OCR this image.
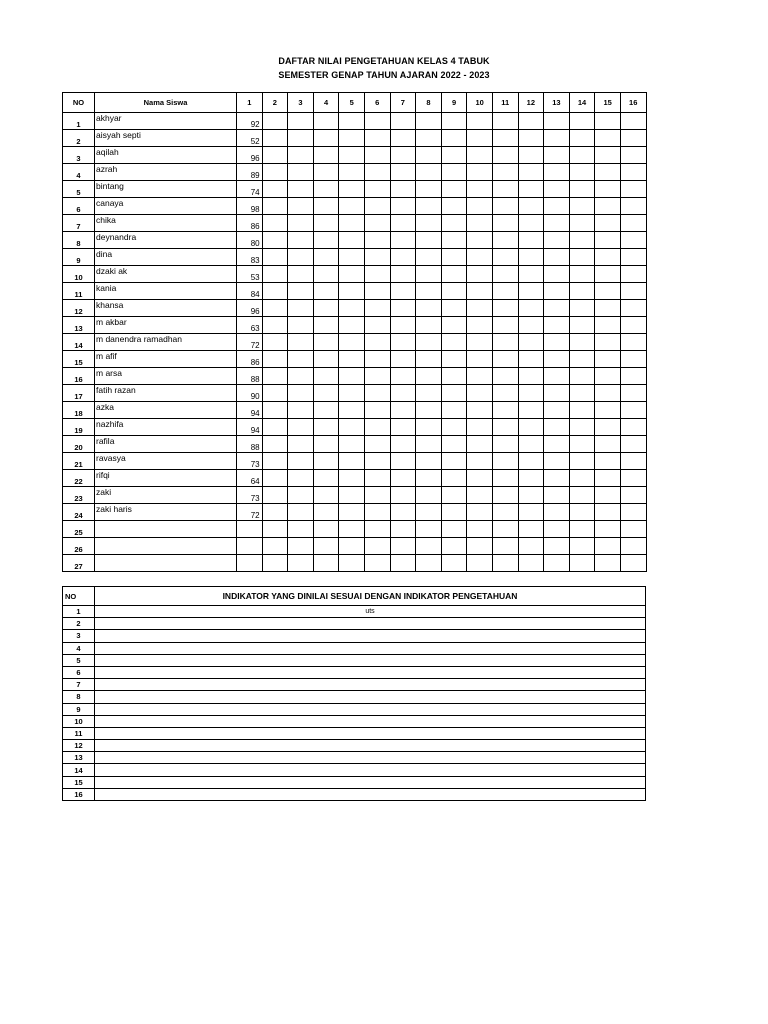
DAFTAR NILAI PENGETAHUAN KELAS 4 TABUK
SEMESTER GENAP TAHUN AJARAN 2022 - 2023
NO	Nama Siswa	1	2	3	4	5	6	7	8	9	10	11	12	13	14	15	16
1	akhyar	92															
2	aisyah septi	52															
3	aqilah	96															
4	azrah	89															
5	bintang	74															
6	canaya	98															
7	chika	86															
8	deynandra	80															
9	dina	83															
10	dzaki ak	53															
11	kania	84															
12	khansa	96															
13	m akbar	63															
14	m danendra ramadhan	72															
15	m afif	86															
16	m arsa	88															
17	fatih razan	90															
18	azka	94															
19	nazhifa	94															
20	rafila	88															
21	ravasya	73															
22	rifqi	64															
23	zaki	73															
24	zaki haris	72															
25																	
26																	
27																	
NO	INDIKATOR YANG DINILAI SESUAI DENGAN INDIKATOR PENGETAHUAN
1	uts
2	
3	
4	
5	
6	
7	
8	
9	
10	
11	
12	
13	
14	
15	
16	
